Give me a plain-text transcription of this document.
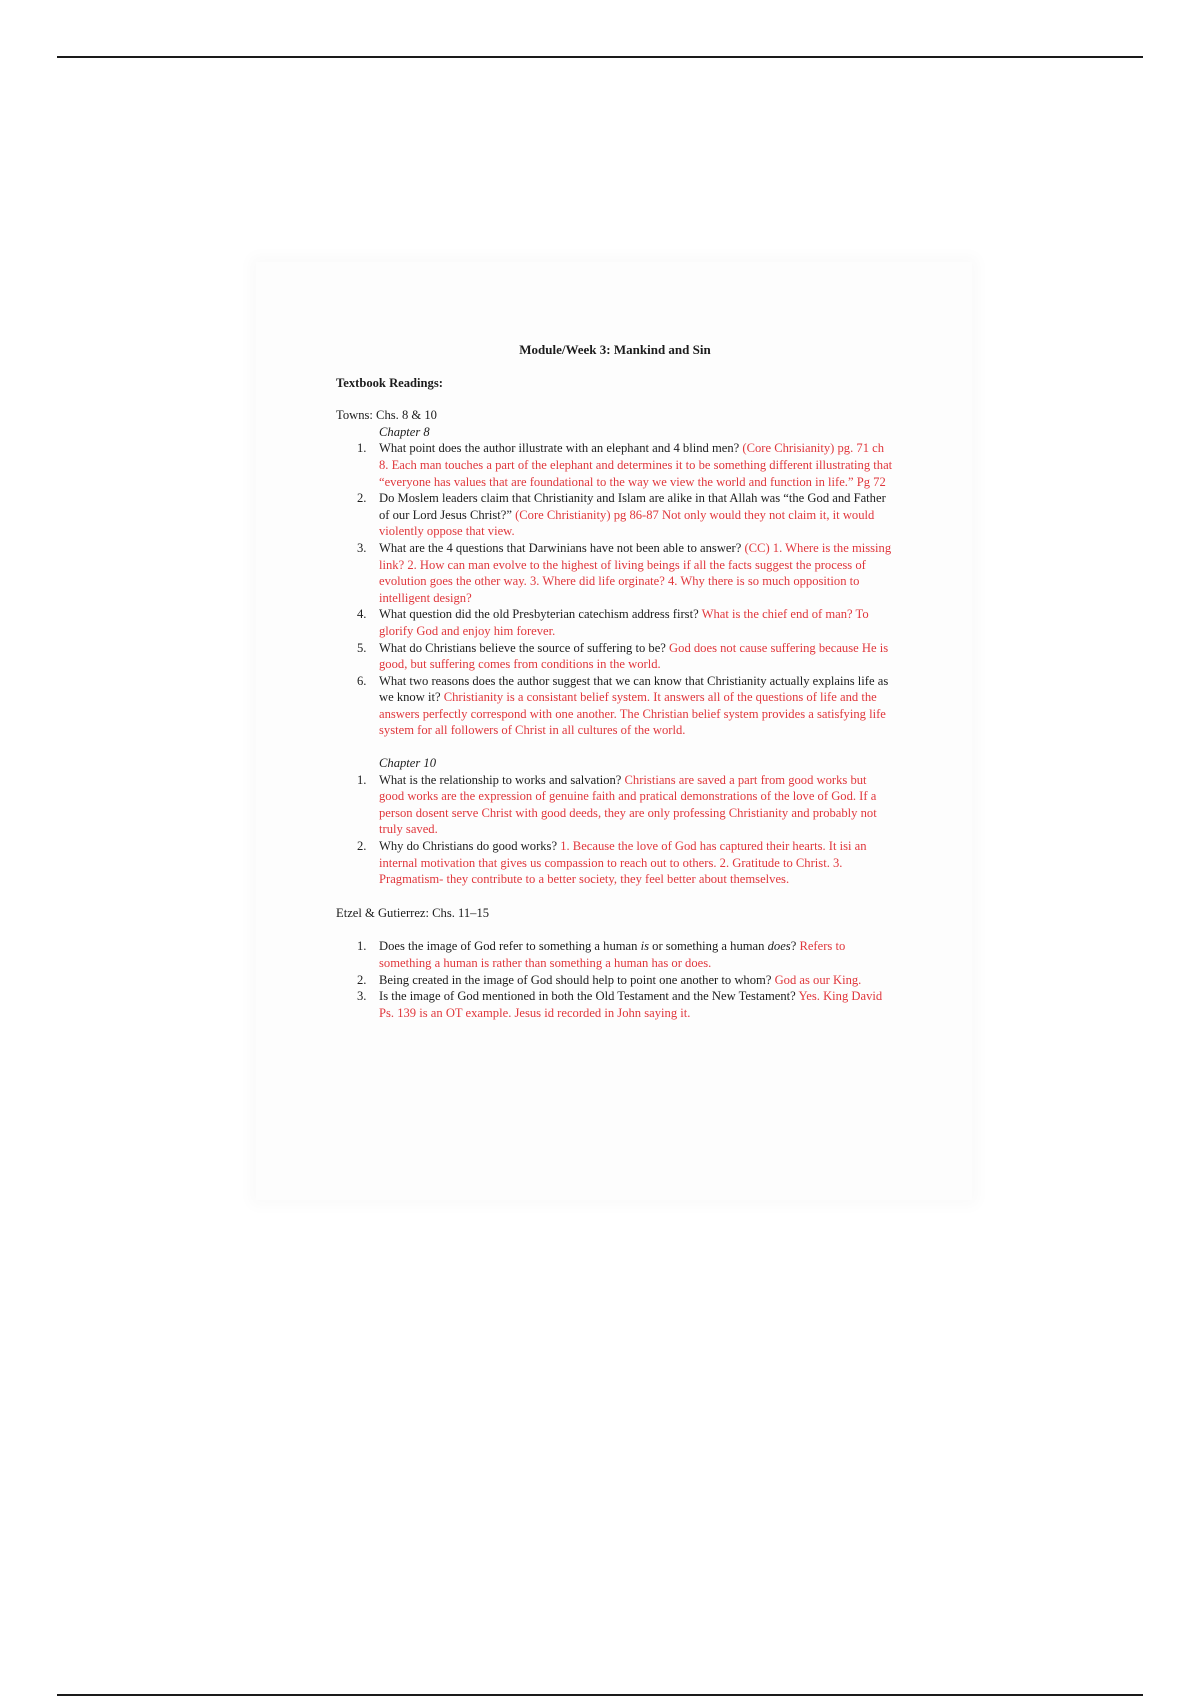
Module/Week 3: Mankind and Sin

Textbook Readings:

Towns: Chs. 8 & 10

Chapter 8

1. What point does the author illustrate with an elephant and 4 blind men? (Core Chrisianity) pg. 71 ch 8. Each man touches a part of the elephant and determines it to be something different illustrating that “everyone has values that are foundational to the way we view the world and function in life.” Pg 72
2. Do Moslem leaders claim that Christianity and Islam are alike in that Allah was “the God and Father of our Lord Jesus Christ?” (Core Christianity) pg 86-87 Not only would they not claim it, it would violently oppose that view.
3. What are the 4 questions that Darwinians have not been able to answer? (CC) 1. Where is the missing link? 2. How can man evolve to the highest of living beings if all the facts suggest the process of evolution goes the other way. 3. Where did life orginate? 4. Why there is so much opposition to intelligent design?
4. What question did the old Presbyterian catechism address first? What is the chief end of man? To glorify God and enjoy him forever.
5. What do Christians believe the source of suffering to be? God does not cause suffering because He is good, but suffering comes from conditions in the world.
6. What two reasons does the author suggest that we can know that Christianity actually explains life as we know it? Christianity is a consistant belief system. It answers all of the questions of life and the answers perfectly correspond with one another. The Christian belief system provides a satisfying life system for all followers of Christ in all cultures of the world.

Chapter 10

1. What is the relationship to works and salvation? Christians are saved a part from good works but good works are the expression of genuine faith and pratical demonstrations of the love of God. If a person dosent serve Christ with good deeds, they are only professing Christianity and probably not truly saved.
2. Why do Christians do good works? 1. Because the love of God has captured their hearts. It isi an internal motivation that gives us compassion to reach out to others. 2. Gratitude to Christ. 3. Pragmatism- they contribute to a better society, they feel better about themselves.

Etzel & Gutierrez: Chs. 11–15

1. Does the image of God refer to something a human is or something a human does? Refers to something a human is rather than something a human has or does.
2. Being created in the image of God should help to point one another to whom? God as our King.
3. Is the image of God mentioned in both the Old Testament and the New Testament? Yes. King David Ps. 139 is an OT example. Jesus id recorded in John saying it.
